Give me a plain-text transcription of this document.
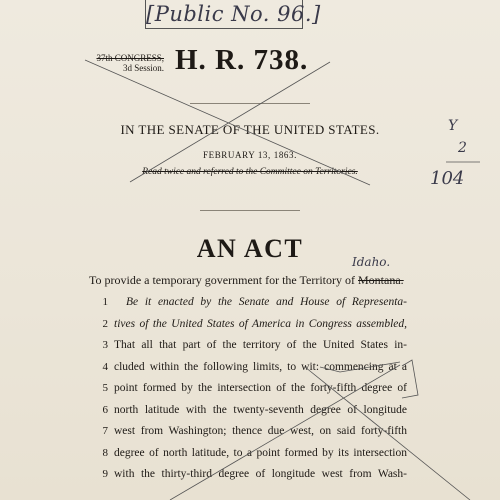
[Public No. 96.]
37th CONGRESS,
3d Session. H. R. 738.
IN THE SENATE OF THE UNITED STATES.
FEBRUARY 13, 1863.
Read twice and referred to the Committee on Territories.
AN ACT	Idaho.
To provide a temporary government for the Territory of Montana.
1 Be it enacted by the Senate and House of Representa-
2 tives of the United States of America in Congress assembled,
3 That all that part of the territory of the United States in-
4 cluded within the following limits, to wit: commencing at a
5 point formed by the intersection of the forty-fifth degree of
6 north latitude with the twenty-seventh degree of longitude
7 west from Washington; thence due west, on said forty-fifth
8 degree of north latitude, to a point formed by its intersection
9 with the thirty-third degree of longitude west from Wash-
Y
2
104
